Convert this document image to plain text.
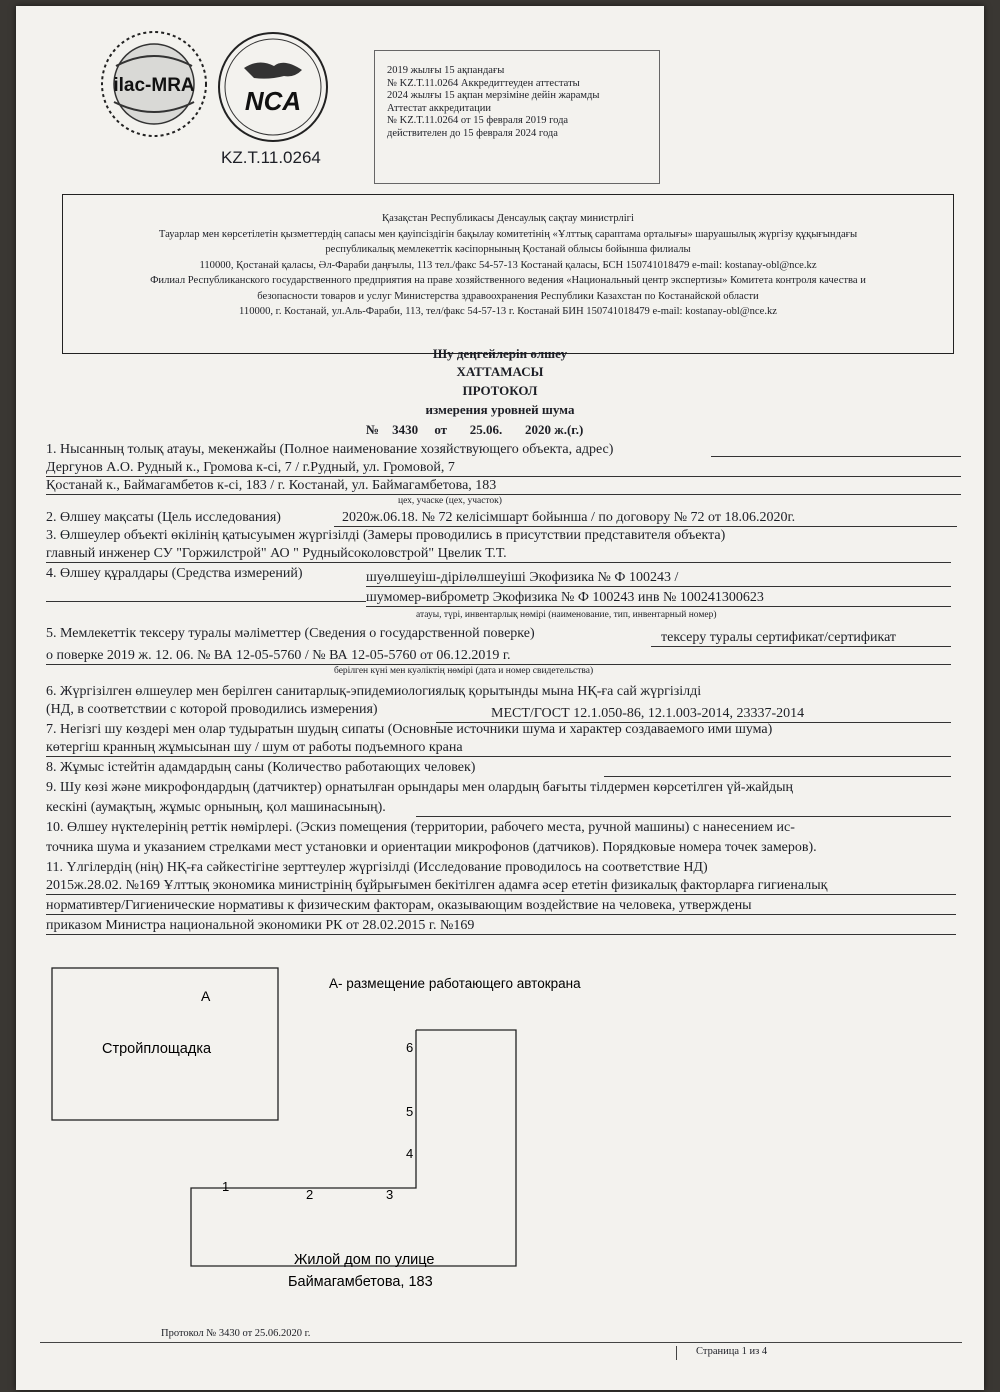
ilac-MRA
NCA
KZ.T.11.0264
2019 жылғы 15 ақпандағы
№ KZ.T.11.0264 Аккредиттеуден аттестаты
2024 жылғы 15 ақпан мерзіміне дейін жарамды
Аттестат аккредитации
№ KZ.T.11.0264 от 15 февраля 2019 года
действителен до 15 февраля 2024 года
Қазақстан Республикасы Денсаулық сақтау министрлігі
Тауарлар мен көрсетілетін қызметтердің сапасы мен қауіпсіздігін бақылау комитетінің «Ұлттық сараптама орталығы» шаруашылық жүргізу құқығындағы
республикалық мемлекеттік кәсіпорнының Қостанай облысы бойынша филиалы
110000, Қостанай қаласы, Әл-Фараби даңғылы, 113 тел./факс 54-57-13 Костанай қаласы, БСН 150741018479 e-mail: kostanay-obl@nce.kz
Филиал Республиканского государственного предприятия на праве хозяйственного ведения «Национальный центр экспертизы» Комитета контроля качества и
безопасности товаров и услуг Министерства здравоохранения Республики Казахстан по Костанайской области
110000, г. Костанай, ул.Аль-Фараби, 113, тел/факс 54-57-13 г. Костанай БИН 150741018479 e-mail: kostanay-obl@nce.kz
Шу деңгейлерін өлшеу
ХАТТАМАСЫ
ПРОТОКОЛ
измерения уровней шума
№ 3430 от 25.06. 2020 ж.(г.)
1. Нысанның толық атауы, мекенжайы (Полное наименование хозяйствующего объекта, адрес)
Дергунов А.О. Рудный к., Громова к-сі, 7 / г.Рудный, ул. Громовой, 7
Қостанай к., Баймагамбетов к-сі, 183 / г. Костанай, ул. Баймагамбетова, 183
цех, учаске (цех, участок)
2. Өлшеу мақсаты (Цель исследования)	2020ж.06.18. № 72 келісімшарт бойынша / по договору № 72 от 18.06.2020г.
3. Өлшеулер объекті өкілінің қатысуымен жүргізілді (Замеры проводились в присутствии представителя объекта)
главный инженер СУ "Горжилстрой" АО " Рудныйсоколовстрой" Цвелик Т.Т.
4. Өлшеу құралдары (Средства измерений)	шуөлшеуіш-дірілөлшеуіші Экофизика № Ф 100243 /
шумомер-виброметр Экофизика № Ф 100243 инв № 100241300623
атауы, түрі, инвентарлық нөмірі (наименование, тип, инвентарный номер)
5. Мемлекеттік тексеру туралы мәліметтер (Сведения о государственной поверке)	тексеру туралы сертификат/сертификат
о поверке 2019 ж. 12. 06. № ВА 12-05-5760 / № ВА 12-05-5760 от 06.12.2019 г.
берілген күні мен куәліктің нөмірі (дата и номер свидетельства)
6. Жүргізілген өлшеулер мен берілген санитарлық-эпидемиологиялық қорытынды мына НҚ-ға сай жүргізілді
(НД, в соответствии с которой проводились измерения)	МЕСТ/ГОСТ 12.1.050-86, 12.1.003-2014, 23337-2014
7. Негізгі шу көздері мен олар тудыратын шудың сипаты (Основные источники шума и характер создаваемого ими шума)
көтергіш кранның жұмысынан шу / шум от работы подъемного крана
8. Жұмыс істейтін адамдардың саны (Количество работающих человек)
9. Шу көзі және микрофондардың (датчиктер) орнатылған орындары мен олардың бағыты тілдермен көрсетілген үй-жайдың
кескіні (аумақтың, жұмыс орнының, қол машинасының).
10. Өлшеу нүктелерінің реттік нөмірлері. (Эскиз помещения (территории, рабочего места, ручной машины) с нанесением ис-
точника шума и указанием стрелками мест установки и ориентации микрофонов (датчиков). Порядковые номера точек замеров).
11. Үлгілердің (нің) НҚ-ға сәйкестігіне зерттеулер жүргізілді (Исследование проводилось на соответствие НД)
2015ж.28.02. №169 Ұлттық экономика министрінің бұйрығымен бекітілген адамға әсер ететін физикалық факторларға гигиеналық
нормативтер/Гигиенические нормативы к физическим факторам, оказывающим воздействие на человека, утверждены
приказом Министра национальной экономики РК от 28.02.2015 г. №169
А
Стройплощадка
А- размещение работающего автокрана
1
2	3
4
5
6
Жилой дом по улице
Баймагамбетова, 183
Протокол № 3430 от 25.06.2020 г.
Страница 1 из 4
